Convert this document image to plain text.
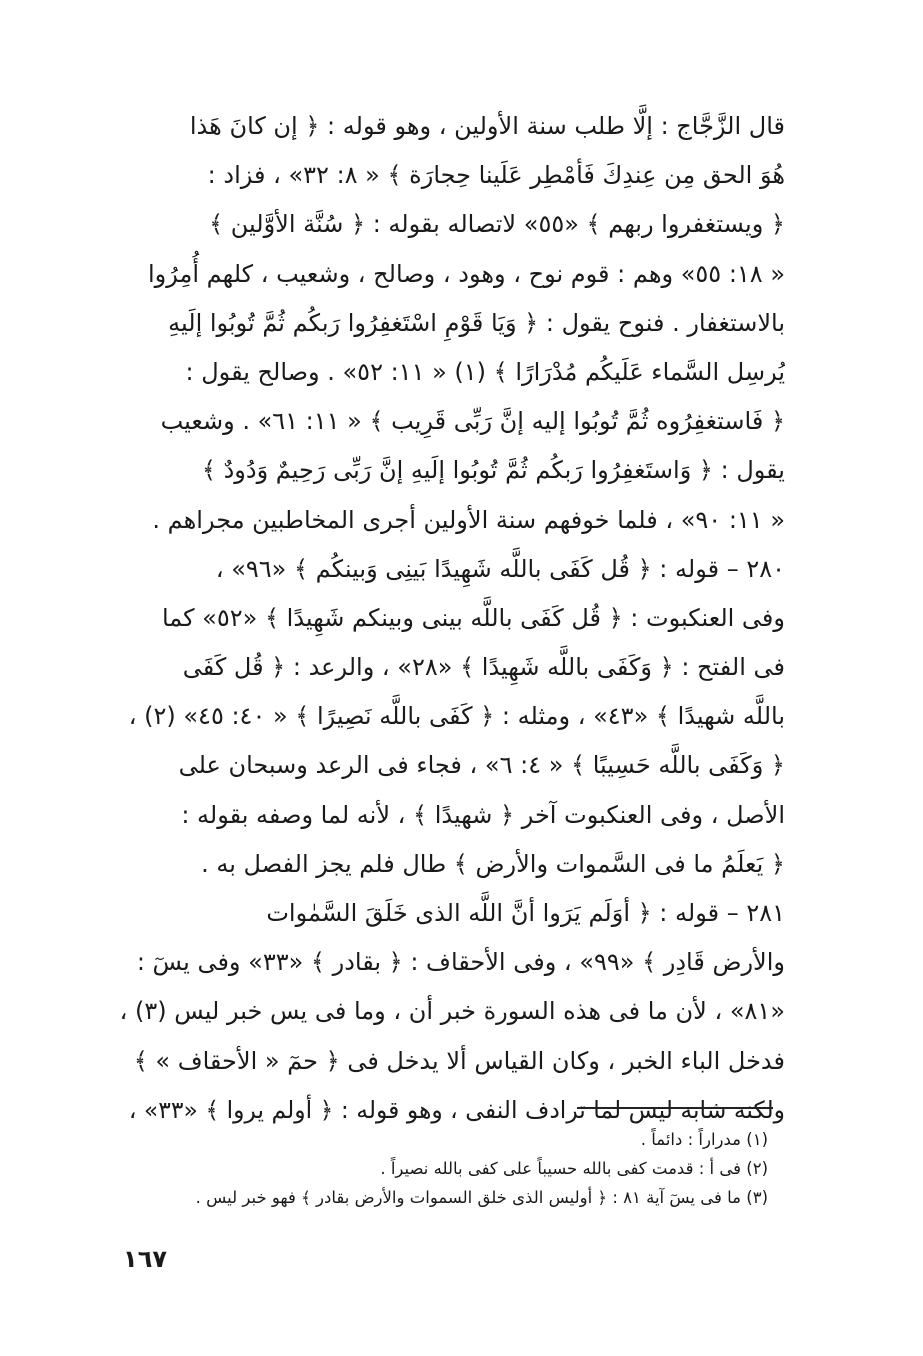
قال الزَّجَّاج : إلَّا طلب سنة الأولين ، وهو قوله : ﴿ إن كانَ هَذا
هُوَ الحق مِن عِندِكَ فَأمْطِر عَلَينا حِجارَة ﴾ « ٨: ٣٢» ، فزاد :
﴿ ويستغفروا ربهم ﴾ «٥٥» لاتصاله بقوله : ﴿ سُنَّة الأوَّلين ﴾
« ١٨: ٥٥» وهم : قوم نوح ، وهود ، وصالح ، وشعيب ، كلهم أُمِرُوا
بالاستغفار . فنوح يقول : ﴿ وَيَا قَوْمِ اسْتَغفِرُوا رَبكُم ثُمَّ تُوبُوا إلَيهِ
يُرسِل السَّماء عَلَيكُم مُدْرَارًا ﴾ (١) « ١١: ٥٢» . وصالح يقول :
﴿ فَاستغفِرُوه ثُمَّ تُوبُوا إليه إنَّ رَبِّى قَرِيب ﴾ « ١١: ٦١» . وشعيب
يقول : ﴿ وَاستَغفِرُوا رَبكُم ثُمَّ تُوبُوا إلَيهِ إنَّ رَبِّى رَحِيمٌ وَدُودٌ ﴾
« ١١: ٩٠» ، فلما خوفهم سنة الأولين أجرى المخاطبين مجراهم .
٢٨٠ – قوله : ﴿ قُل كَفَى باللَّه شَهِيدًا بَينِى وَبينكُم ﴾ «٩٦» ،
وفى العنكبوت : ﴿ قُل كَفَى باللَّه بينى وبينكم شَهِيدًا ﴾ «٥٢» كما
فى الفتح : ﴿ وَكَفَى باللَّه شَهِيدًا ﴾ «٢٨» ، والرعد : ﴿ قُل كَفَى
باللَّه شهيدًا ﴾ «٤٣» ، ومثله : ﴿ كَفَى باللَّه نَصِيرًا ﴾ « ٤٠: ٤٥» (٢) ،
﴿ وَكَفَى باللَّه حَسِيبًا ﴾ « ٤: ٦» ، فجاء فى الرعد وسبحان على
الأصل ، وفى العنكبوت آخر ﴿ شهيدًا ﴾ ، لأنه لما وصفه بقوله :
﴿ يَعلَمُ ما فى السَّموات والأرض ﴾ طال فلم يجز الفصل به .
٢٨١ – قوله : ﴿ أوَلَم يَرَوا أنَّ اللَّه الذى خَلَقَ السَّمٰوات
والأرض قَادِر ﴾ «٩٩» ، وفى الأحقاف : ﴿ بقادر ﴾ «٣٣» وفى يسٓ :
«٨١» ، لأن ما فى هذه السورة خبر أن ، وما فى يس خبر ليس (٣) ،
فدخل الباء الخبر ، وكان القياس ألا يدخل فى ﴿ حمٓ « الأحقاف » ﴾
ولكنه شابه ليس لما ترادف النفى ، وهو قوله : ﴿ أولم يروا ﴾ «٣٣» ،
(١) مدراراً : دائماً .
(٢) فى أ : قدمت كفى بالله حسيباً على كفى بالله نصيراً .
(٣) ما فى يسٓ آية ٨١ : ﴿ أوليس الذى خلق السموات والأرض بقادر ﴾ فهو خبر ليس .
١٦٧
